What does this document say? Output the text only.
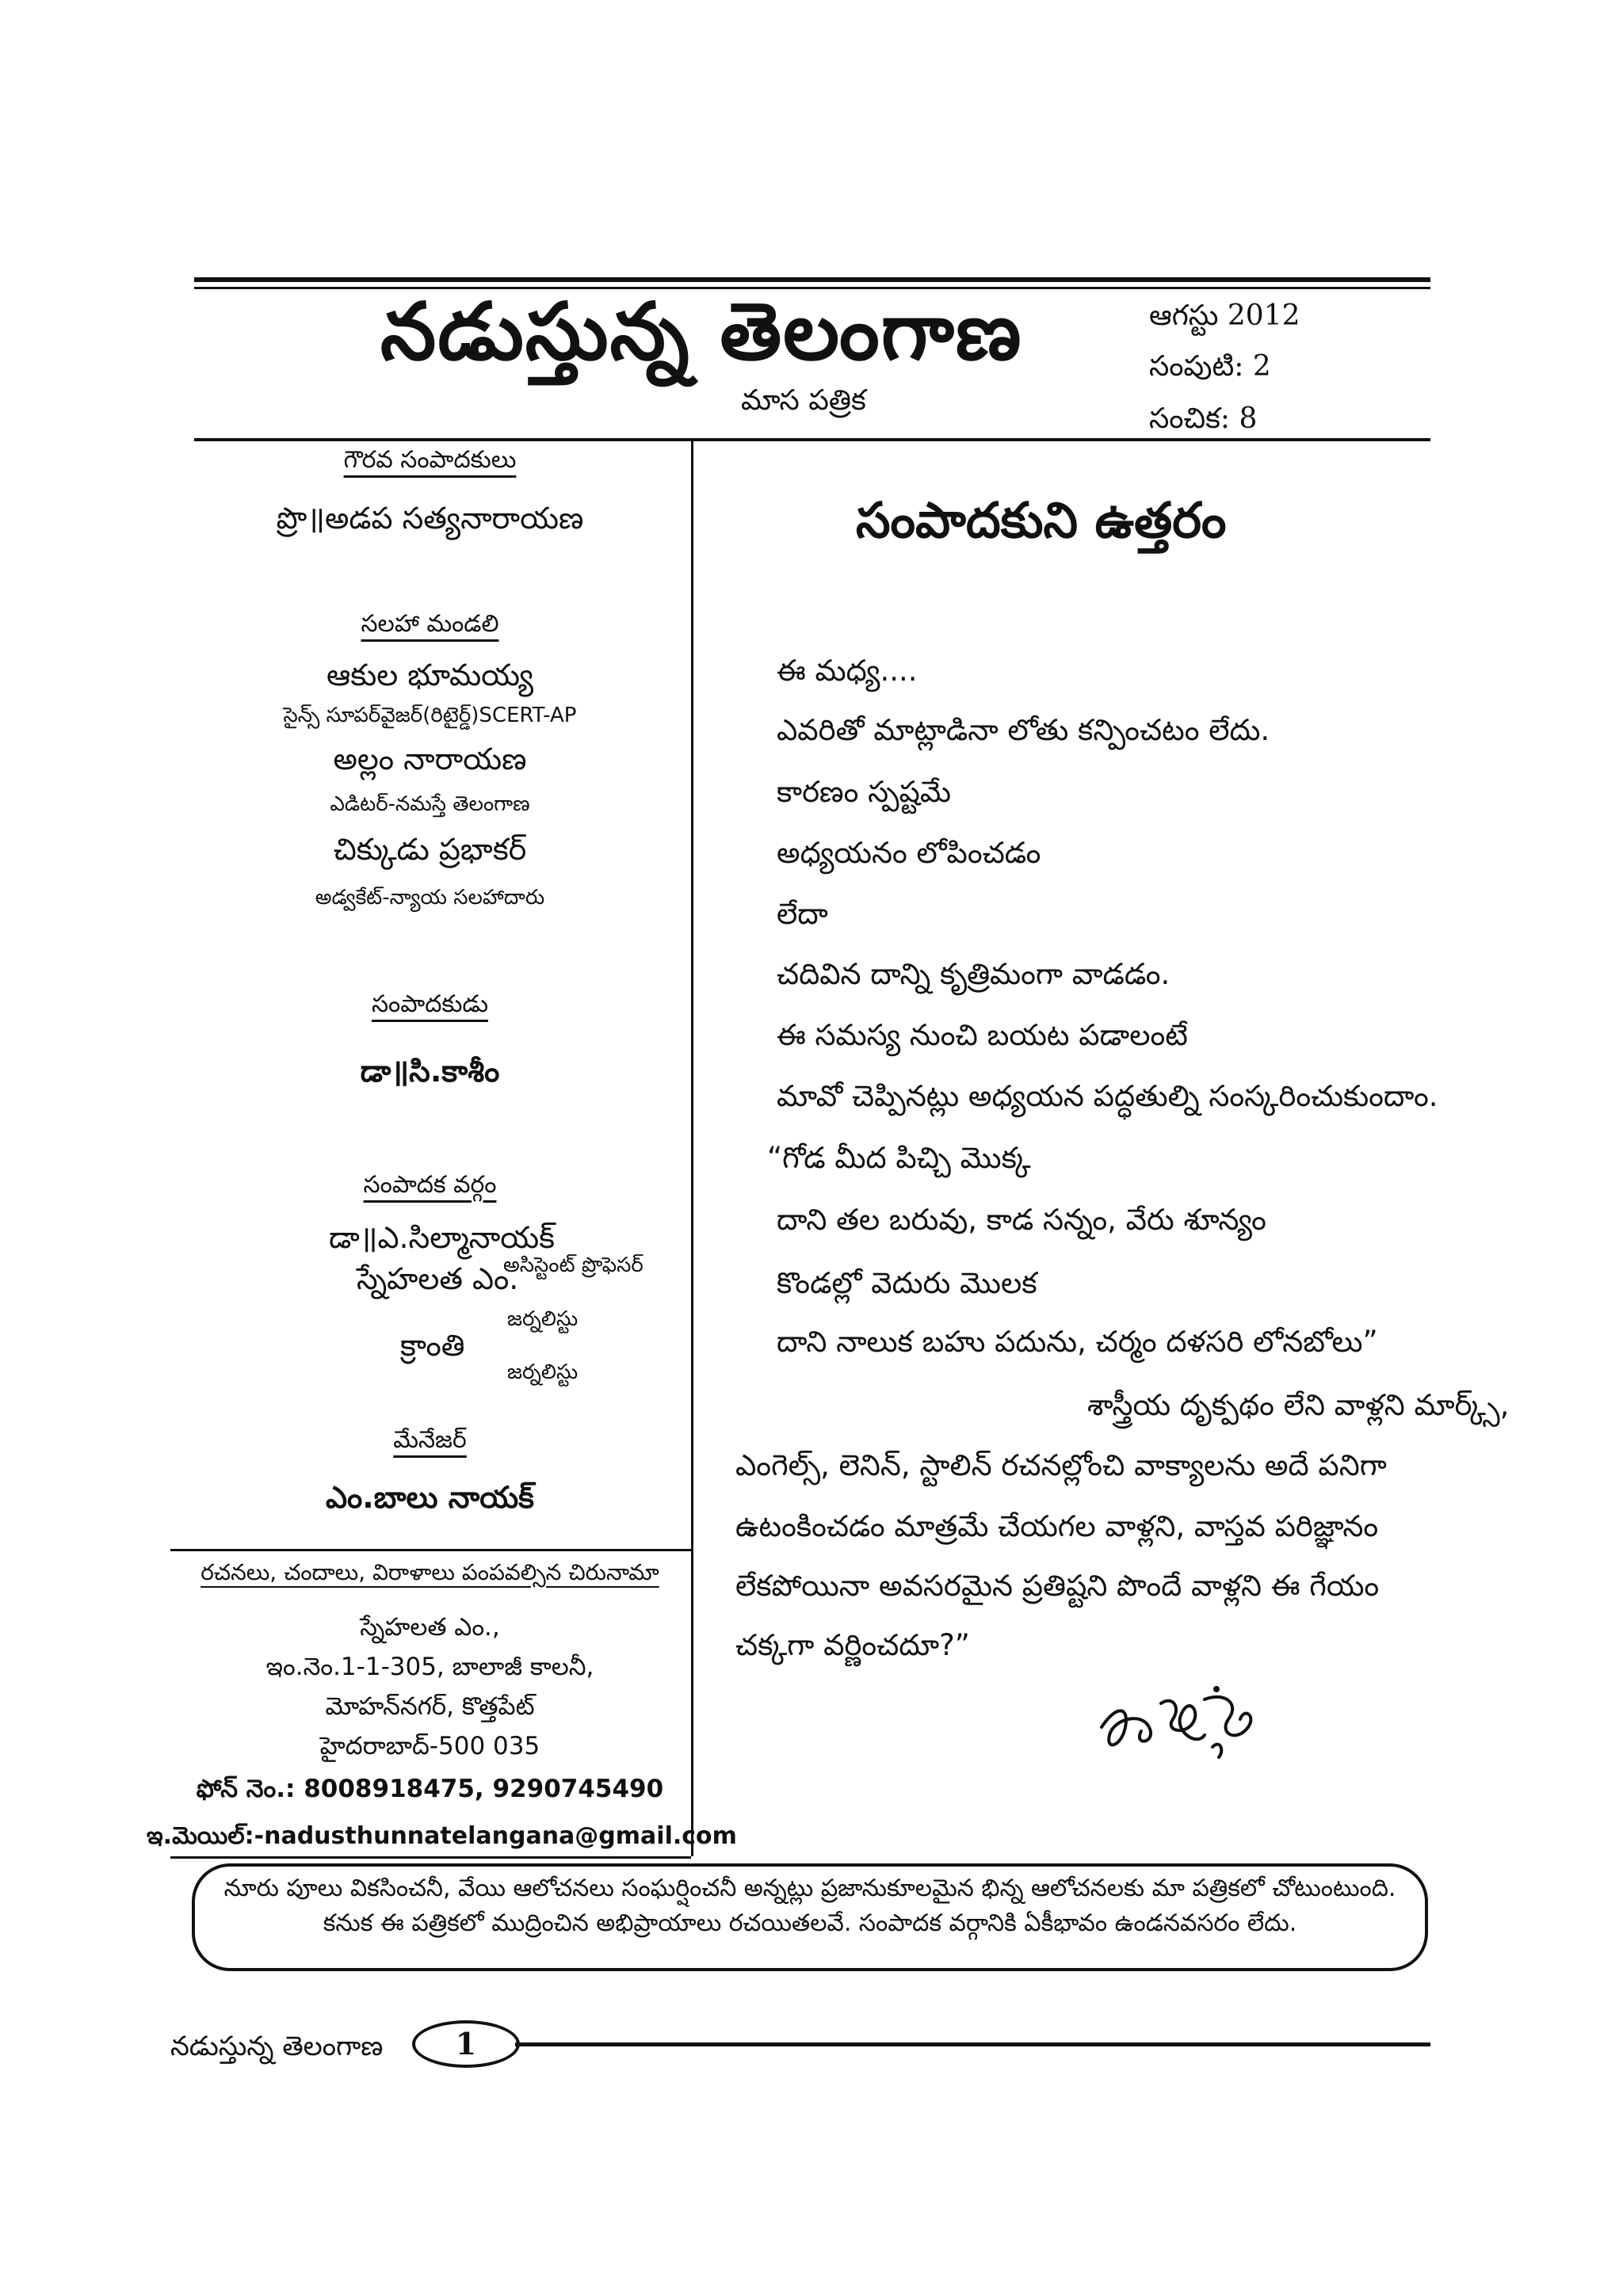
నడుస్తున్న తెలంగాణ
మాస పత్రిక
ఆగస్టు 2012
సంపుటి: 2
సంచిక: 8
గౌరవ సంపాదకులు
ప్రొ॥అడప సత్యనారాయణ
సలహా మండలి
ఆకుల భూమయ్య
సైన్స్ సూపర్‌వైజర్(రిటైర్డ్)SCERT-AP
అల్లం నారాయణ
ఎడిటర్-నమస్తే తెలంగాణ
చిక్కుడు ప్రభాకర్
అడ్వకేట్-న్యాయ సలహాదారు
సంపాదకుడు
డా॥సి.కాశీం
సంపాదక వర్గం
డా॥ఎ.సిల్మానాయక్
అసిస్టెంట్ ప్రొఫెసర్
స్నేహలత ఎం.
జర్నలిస్టు
క్రాంతి
జర్నలిస్టు
మేనేజర్
ఎం.బాలు నాయక్
రచనలు, చందాలు, విరాళాలు పంపవల్సిన చిరునామా
స్నేహలత ఎం.,
ఇం.నెం.1-1-305, బాలాజీ కాలనీ,
మోహన్‌నగర్, కొత్తపేట్
హైదరాబాద్-500 035
ఫోన్ నెం.: 8008918475, 9290745490
ఇ.మెయిల్:-nadusthunnatelangana@gmail.com
సంపాదకుని ఉత్తరం
ఈ మధ్య....
ఎవరితో మాట్లాడినా లోతు కన్పించటం లేదు.
కారణం స్పష్టమే
అధ్యయనం లోపించడం
లేదా
చదివిన దాన్ని కృత్రిమంగా వాడడం.
ఈ సమస్య నుంచి బయట పడాలంటే
మావో చెప్పినట్లు అధ్యయన పద్ధతుల్ని సంస్కరించుకుందాం.
“గోడ మీద పిచ్చి మొక్క
దాని తల బరువు, కాడ సన్నం, వేరు శూన్యం
కొండల్లో వెదురు మొలక
దాని నాలుక బహు పదును, చర్మం దళసరి లోనబోలు”
శాస్త్రీయ దృక్పథం లేని వాళ్లని మార్క్స్,
ఎంగెల్స్, లెనిన్, స్టాలిన్ రచనల్లోంచి వాక్యాలను అదే పనిగా
ఉటంకించడం మాత్రమే చేయగల వాళ్లని, వాస్తవ పరిజ్ఞానం
లేకపోయినా అవసరమైన ప్రతిష్టని పొందే వాళ్లని ఈ గేయం
చక్కగా వర్ణించదూ?”
నూరు పూలు వికసించనీ, వేయి ఆలోచనలు సంఘర్షించనీ అన్నట్లు ప్రజానుకూలమైన భిన్న ఆలోచనలకు మా పత్రికలో చోటుంటుంది. కనుక ఈ పత్రికలో ముద్రించిన అభిప్రాయాలు రచయితలవే. సంపాదక వర్గానికి ఏకీభావం ఉండనవసరం లేదు.
నడుస్తున్న తెలంగాణ	1
